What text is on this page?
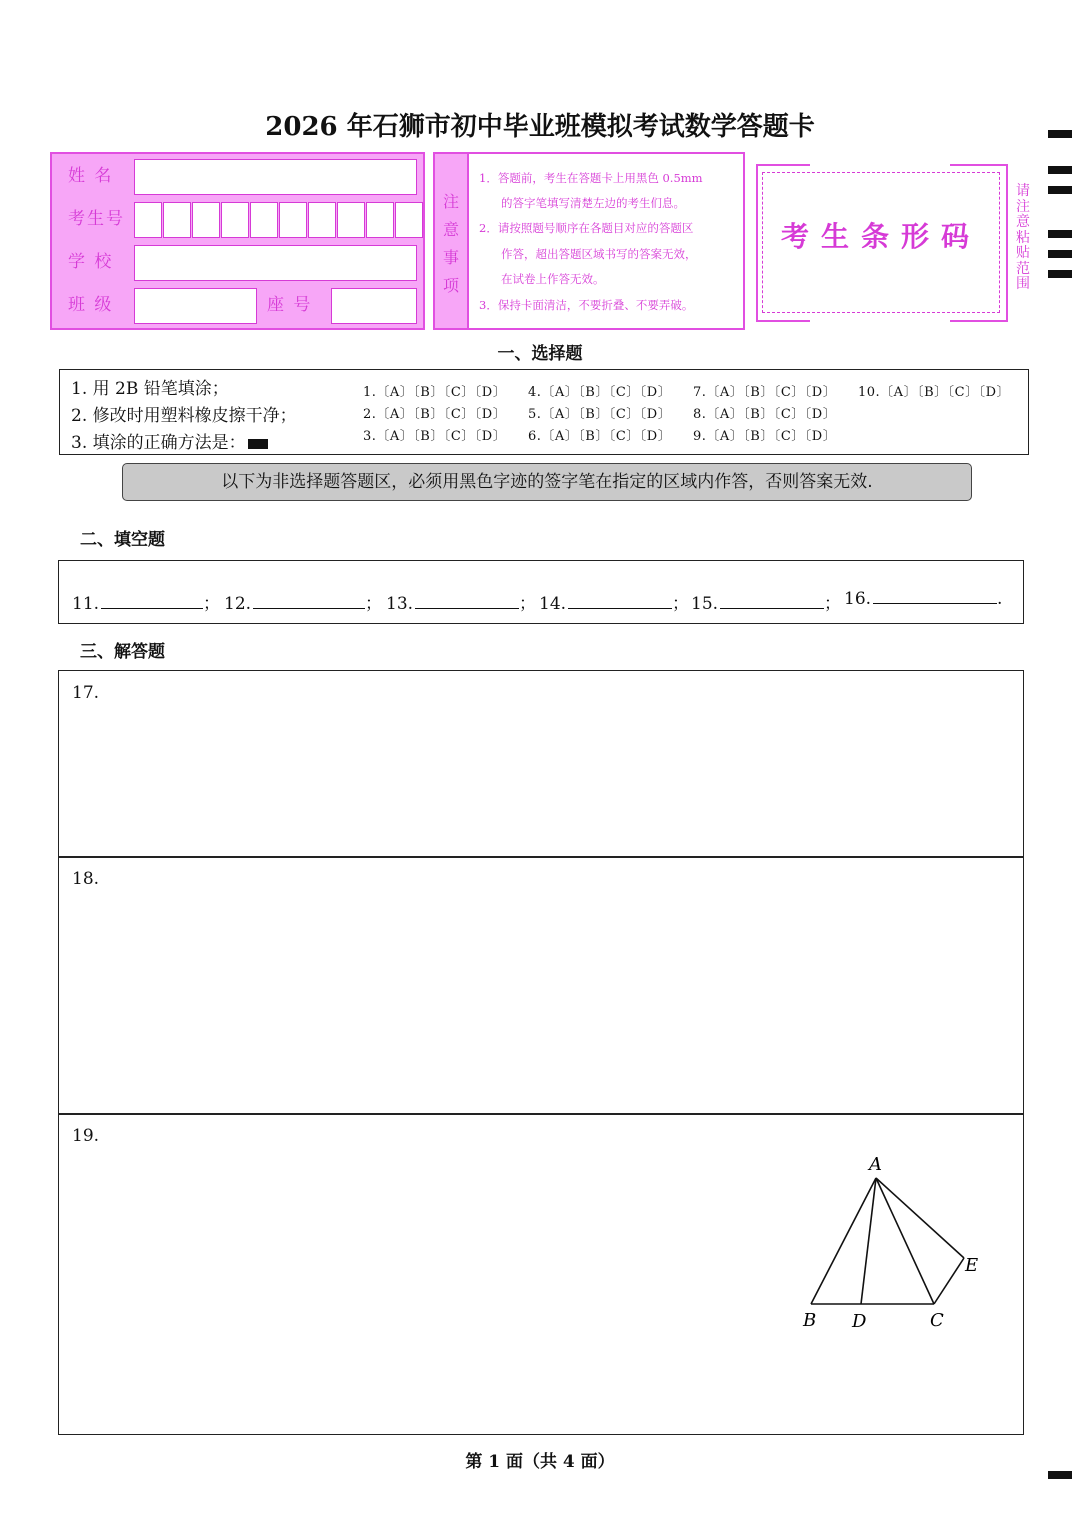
2026 年石狮市初中毕业班模拟考试数学答题卡
姓 名
考生号
学 校
班 级	座 号
注
意
事
项
1．答题前，考生在答题卡上用黑色 0.5mm
的答字笔填写清楚左边的考生们息。
2．请按照题号顺序在各题目对应的答题区
作答，超出答题区域书写的答案无效，
在试卷上作答无效。
3．保持卡面清洁，不要折叠、不要弄破。
考生条形码
请
注
意
粘
贴
范
围
一、选择题
1. 用 2B 铅笔填涂；
2. 修改时用塑料橡皮擦干净；
3. 填涂的正确方法是：
1.〔A〕〔B〕〔C〕〔D〕
2.〔A〕〔B〕〔C〕〔D〕
3.〔A〕〔B〕〔C〕〔D〕
4.〔A〕〔B〕〔C〕〔D〕
5.〔A〕〔B〕〔C〕〔D〕
6.〔A〕〔B〕〔C〕〔D〕
7.〔A〕〔B〕〔C〕〔D〕
8.〔A〕〔B〕〔C〕〔D〕
9.〔A〕〔B〕〔C〕〔D〕
10.〔A〕〔B〕〔C〕〔D〕
以下为非选择题答题区，必须用黑色字迹的签字笔在指定的区域内作答，否则答案无效.
二、填空题
11.	； 12.	； 13.	； 14.	； 15.	； 16.	.
三、解答题
17.
18.
19.
A
E
B D	C
第 1 面（共 4 面）
